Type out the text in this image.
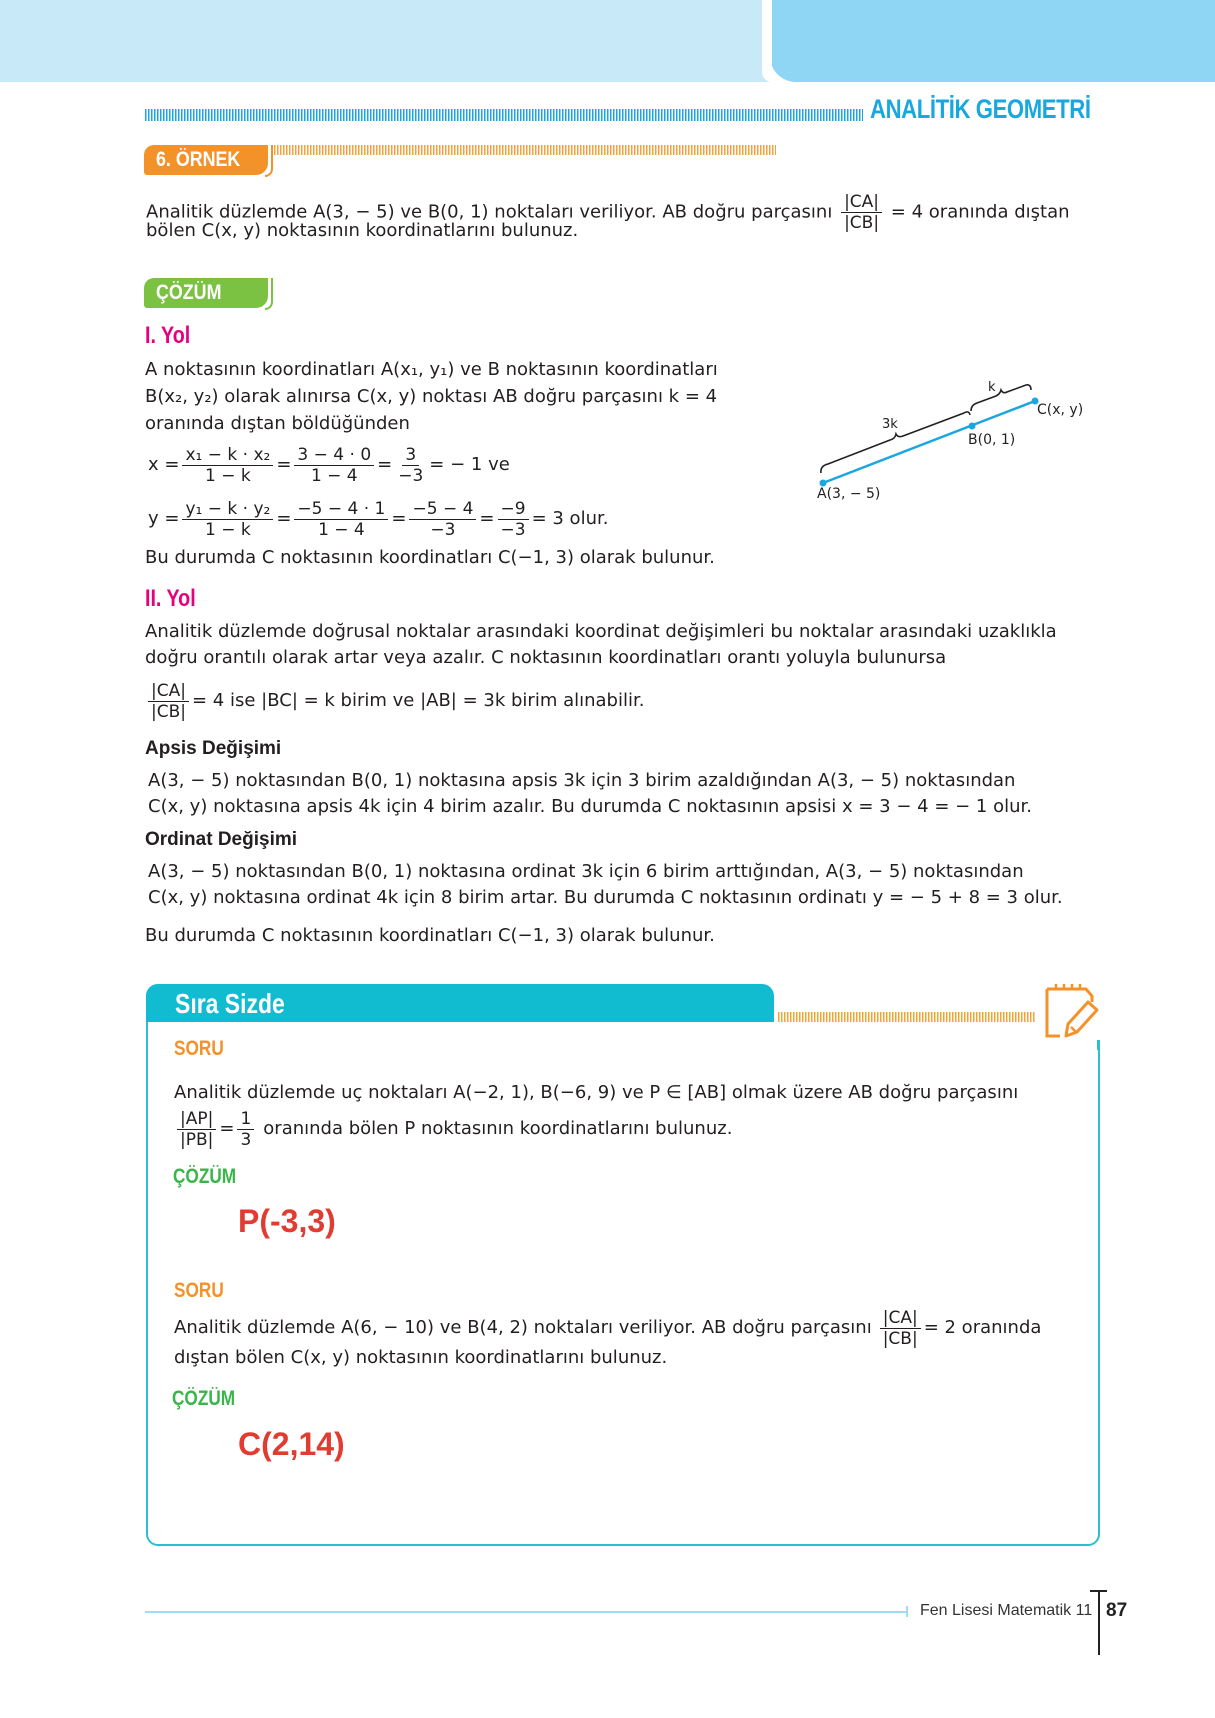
ANALİTİK GEOMETRİ
6. ÖRNEK
Analitik düzlemde A(3, − 5) ve B(0, 1) noktaları veriliyor. AB doğru parçasını $\frac{|CA|}{|CB|} = 4$ oranında dıştan
bölen C(x, y) noktasının koordinatlarını bulunuz.
ÇÖZÜM
I. Yol
A noktasının koordinatları A(x₁, y₁) ve B noktasının koordinatları
B(x₂, y₂) olarak alınırsa C(x, y) noktası AB doğru parçasını k = 4
oranında dıştan böldüğünden
$x = \frac{\text{x₁ − k · x₂}}{1 - k} = \frac{3 - 4 \cdot 0}{1 - 4} = \frac{3}{-3}$ = − 1 ve
$y = \frac{\text{y₁ − k · y₂}}{1 - k} = \frac{-5 - 4 \cdot 1}{1 - 4} = \frac{-5 - 4}{-3} = \frac{-9}{-3} = 3$ olur.
Bu durumda C noktasının koordinatları C(−1, 3) olarak bulunur.
3k
k
A(3, − 5)
B(0, 1)
C(x, y)
II. Yol
Analitik düzlemde doğrusal noktalar arasındaki koordinat değişimleri bu noktalar arasındaki uzaklıkla
doğru orantılı olarak artar veya azalır. C noktasının koordinatları orantı yoluyla bulunursa
$\frac{|CA|}{|CB|} = 4$ ise |BC| = k birim ve |AB| = 3k birim alınabilir.
Apsis Değişimi
A(3, − 5) noktasından B(0, 1) noktasına apsis 3k için 3 birim azaldığından A(3, − 5) noktasından
C(x, y) noktasına apsis 4k için 4 birim azalır. Bu durumda C noktasının apsisi x = 3 − 4 = − 1 olur.
Ordinat Değişimi
A(3, − 5) noktasından B(0, 1) noktasına ordinat 3k için 6 birim arttığından, A(3, − 5) noktasından
C(x, y) noktasına ordinat 4k için 8 birim artar. Bu durumda C noktasının ordinatı y = − 5 + 8 = 3 olur.
Bu durumda C noktasının koordinatları C(−1, 3) olarak bulunur.
Sıra Sizde
SORU
Analitik düzlemde uç noktaları A(−2, 1), B(−6, 9) ve P ∈ [AB] olmak üzere AB doğru parçasını
$\frac{|AP|}{|PB|} = \frac{1}{3}$ oranında bölen P noktasının koordinatlarını bulunuz.
ÇÖZÜM
P(-3,3)
SORU
Analitik düzlemde A(6, − 10) ve B(4, 2) noktaları veriliyor. AB doğru parçasını $\frac{|CA|}{|CB|} = 2$ oranında
dıştan bölen C(x, y) noktasının koordinatlarını bulunuz.
ÇÖZÜM
C(2,14)
Fen Lisesi Matematik 11 87
